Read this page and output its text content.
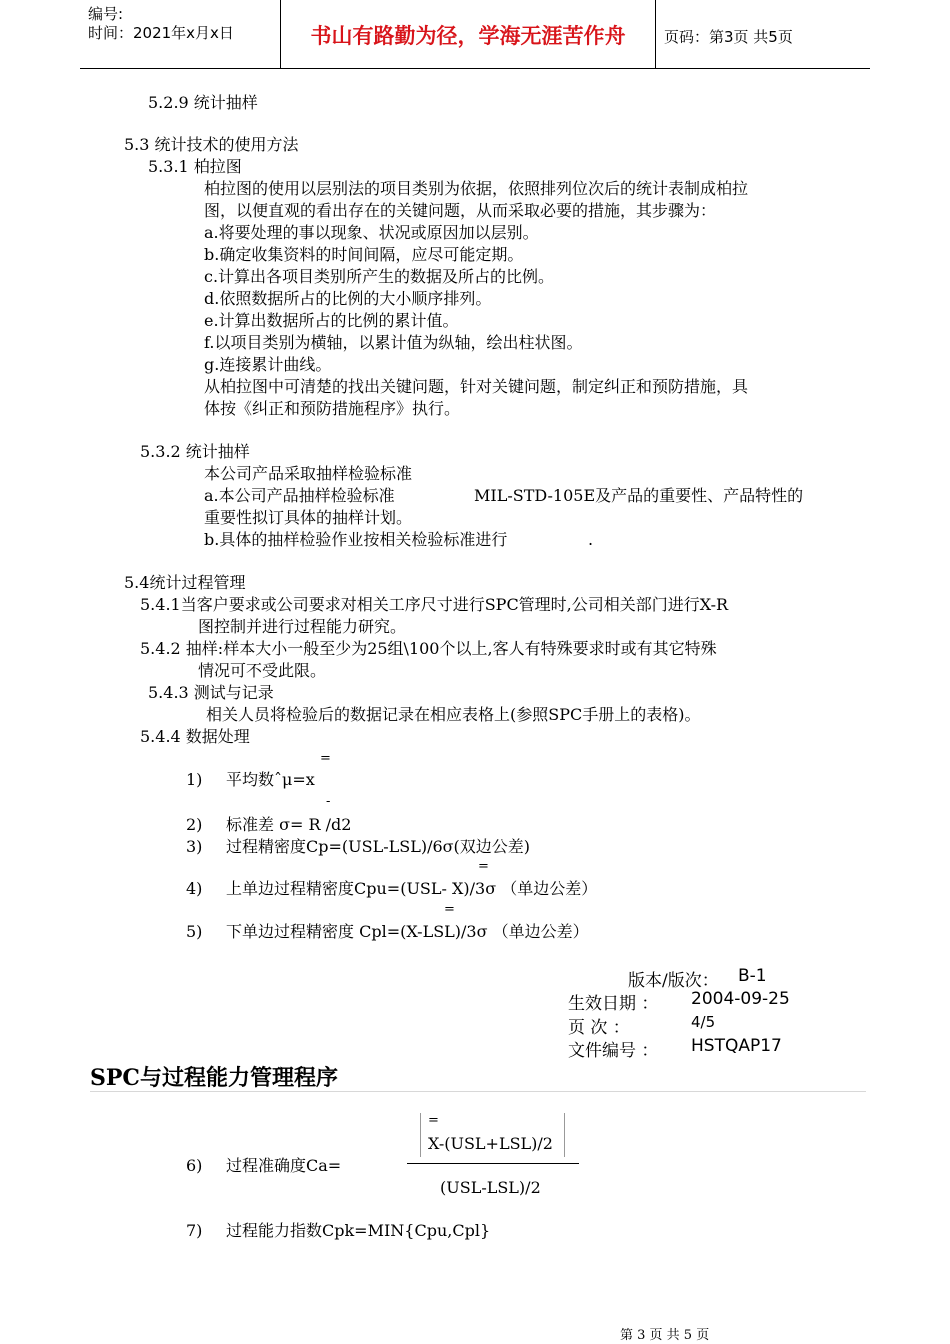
编号:
时间：2021年x月x日	书山有路勤为径，学海无涯苦作舟	页码：第3页 共5页
5.2.9 统计抽样
5.3 统计技术的使用方法
5.3.1 柏拉图
柏拉图的使用以层别法的项目类别为依据，依照排列位次后的统计表制成柏拉
图，以便直观的看出存在的关键问题，从而采取必要的措施，其步骤为：
a.将要处理的事以现象、状况或原因加以层别。
b.确定收集资料的时间间隔，应尽可能定期。
c.计算出各项目类别所产生的数据及所占的比例。
d.依照数据所占的比例的大小顺序排列。
e.计算出数据所占的比例的累计值。
f.以项目类别为横轴，以累计值为纵轴，绘出柱状图。
g.连接累计曲线。
从柏拉图中可清楚的找出关键问题，针对关键问题，制定纠正和预防措施，具
体按《纠正和预防措施程序》执行。
5.3.2 统计抽样
本公司产品采取抽样检验标准
a.本公司产品抽样检验标准	MIL-STD-105E及产品的重要性、产品特性的
重要性拟订具体的抽样计划。
b.具体的抽样检验作业按相关检验标准进行	.
5.4统计过程管理
5.4.1当客户要求或公司要求对相关工序尺寸进行SPC管理时,公司相关部门进行X-R
图控制并进行过程能力研究。
5.4.2 抽样:样本大小一般至少为25组\100个以上,客人有特殊要求时或有其它特殊
情况可不受此限。
5.4.3 测试与记录
相关人员将检验后的数据记录在相应表格上(参照SPC手册上的表格)。
5.4.4 数据处理
=
1) 平均数ˆμ=x
-
2) 标准差 σ= R /d2
3) 过程精密度Cp=(USL-LSL)/6σ(双边公差)
=
4) 上单边过程精密度Cpu=(USL- X)/3σ （单边公差）
=
5) 下单边过程精密度 Cpl=(X-LSL)/3σ （单边公差）
版本/版次： B-1
生效日期 ： 2004-09-25
页 次 ：	4/5
文件编号 ： HSTQAP17
SPC与过程能力管理程序
=
X-(USL+LSL)/2
(USL-LSL)/2
6) 过程准确度Ca=
7) 过程能力指数Cpk=MIN{Cpu,Cpl}
第 3 页 共 5 页
